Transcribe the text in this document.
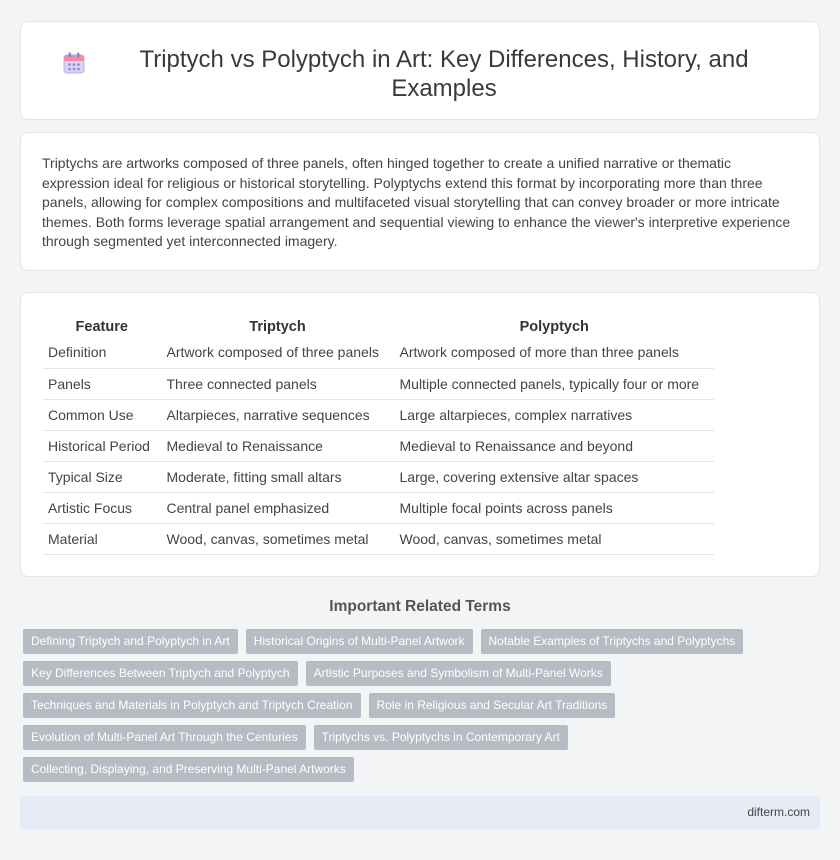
Triptych vs Polyptych in Art: Key Differences, History, and Examples

Triptychs are artworks composed of three panels, often hinged together to create a unified narrative or thematic expression ideal for religious or historical storytelling. Polyptychs extend this format by incorporating more than three panels, allowing for complex compositions and multifaceted visual storytelling that can convey broader or more intricate themes. Both forms leverage spatial arrangement and sequential viewing to enhance the viewer's interpretive experience through segmented yet interconnected imagery.

Feature	Triptych	Polyptych
Definition	Artwork composed of three panels	Artwork composed of more than three panels
Panels	Three connected panels	Multiple connected panels, typically four or more
Common Use	Altarpieces, narrative sequences	Large altarpieces, complex narratives
Historical Period	Medieval to Renaissance	Medieval to Renaissance and beyond
Typical Size	Moderate, fitting small altars	Large, covering extensive altar spaces
Artistic Focus	Central panel emphasized	Multiple focal points across panels
Material	Wood, canvas, sometimes metal	Wood, canvas, sometimes metal
Important Related Terms
Defining Triptych and Polyptych in Art	Historical Origins of Multi-Panel Artwork	Notable Examples of Triptychs and Polyptychs
Key Differences Between Triptych and Polyptych	Artistic Purposes and Symbolism of Multi-Panel Works
Techniques and Materials in Polyptych and Triptych Creation	Role in Religious and Secular Art Traditions
Evolution of Multi-Panel Art Through the Centuries	Triptychs vs. Polyptychs in Contemporary Art
Collecting, Displaying, and Preserving Multi-Panel Artworks
difterm.com
